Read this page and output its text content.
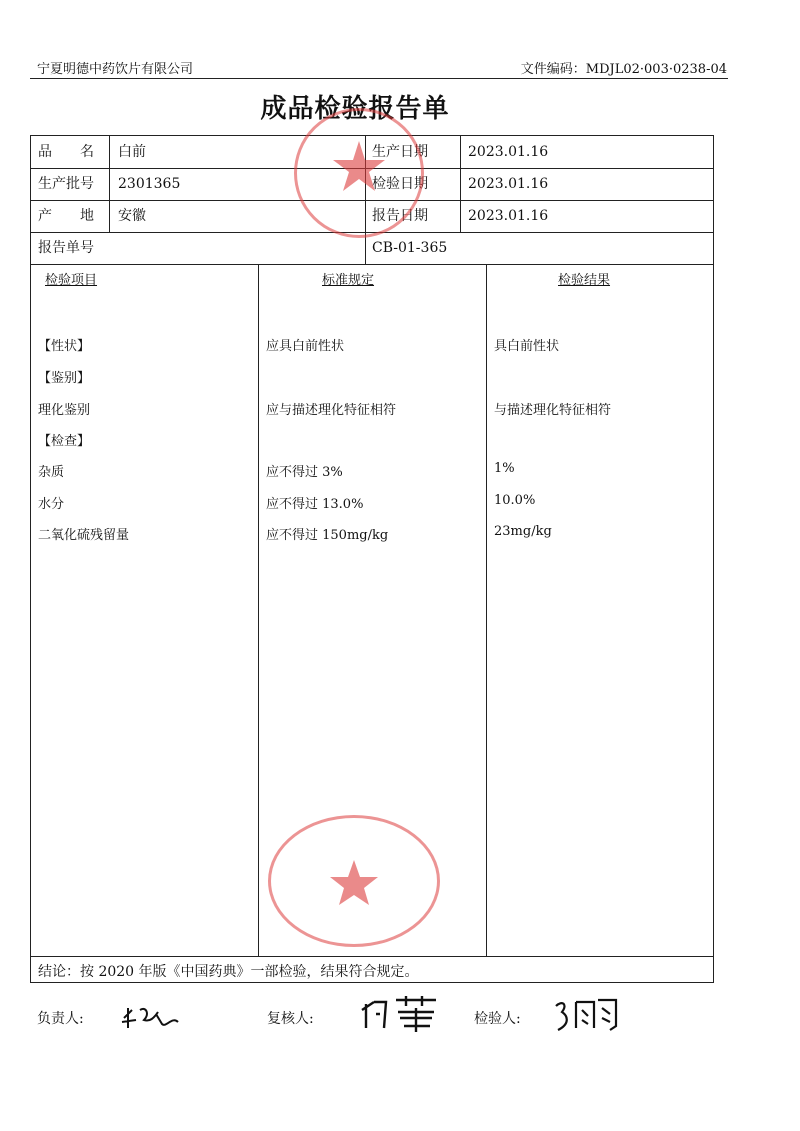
宁夏明德中药饮片有限公司	文件编码：MDJL02·003·0238-04
成品检验报告单
品　　名 白前	生产日期	2023.01.16
生产批号 2301365	检验日期	2023.01.16
产　　地 安徽	报告日期	2023.01.16
报告单号	CB-01-365
检验项目	标准规定	检验结果
【性状】	应具白前性状	具白前性状
【鉴别】
理化鉴别	应与描述理化特征相符	与描述理化特征相符
【检查】
杂质	应不得过 3%	1%
水分	应不得过 13.0%	10.0%
二氧化硫残留量	应不得过 150mg/kg	23mg/kg
结论：按 2020 年版《中国药典》一部检验，结果符合规定。
负责人:	复核人:	检验人:
